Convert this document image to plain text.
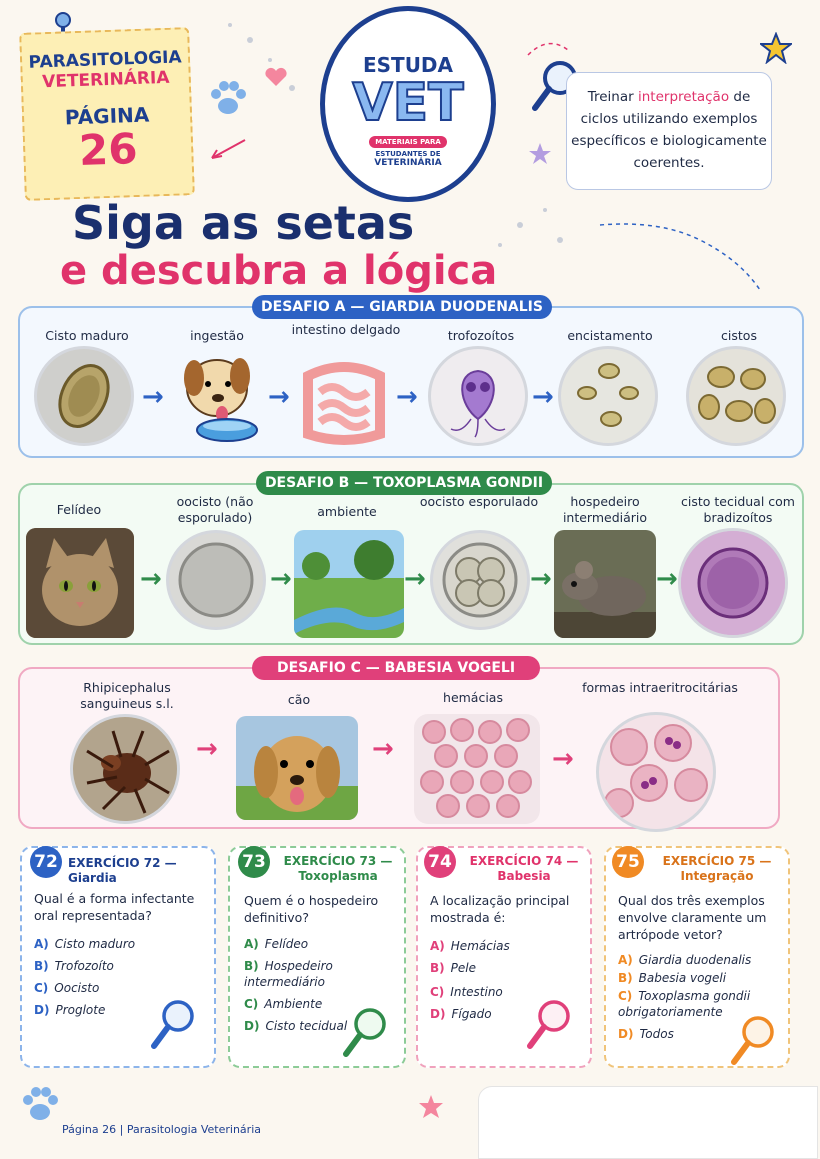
PARASITOLOGIA
VETERINÁRIA
PÁGINA
26
ESTUDA
VET
MATERIAIS PARA
ESTUDANTES DE
VETERINÁRIA
Treinar interpretação de ciclos utilizando exemplos específicos e biologicamente coerentes.
Siga as setas
e descubra a lógica
DESAFIO A — GIARDIA DUODENALIS
Cisto maduro	ingestão	intestino delgado	trofozoítos	encistamento	cistos
→	→	→	→
DESAFIO B — TOXOPLASMA GONDII
Felídeo
oocisto (não esporulado)	ambiente
oocisto esporulado	hospedeiro intermediário
cisto tecidual com bradizoítos
→	→	→	→	→
DESAFIO C — BABESIA VOGELI
Rhipicephalus sanguineus s.l.	cão	hemácias
formas intraeritrocitárias
→	→	→
72 EXERCÍCIO 72 — Giardia
Qual é a forma infectante oral representada?
A) Cisto maduro
B) Trofozoíto
C) Oocisto
D) Proglote
73	EXERCÍCIO 73 — Toxoplasma
Quem é o hospedeiro definitivo?
A) Felídeo
B) Hospedeiro intermediário
C) Ambiente
D) Cisto tecidual
74	EXERCÍCIO 74 — Babesia
A localização principal mostrada é:
A) Hemácias
B) Pele
C) Intestino
D) Fígado
75	EXERCÍCIO 75 — Integração
Qual dos três exemplos envolve claramente um artrópode vetor?
A) Giardia duodenalis
B) Babesia vogeli
C) Toxoplasma gondii obrigatoriamente
D) Todos
Página 26 | Parasitologia Veterinária
